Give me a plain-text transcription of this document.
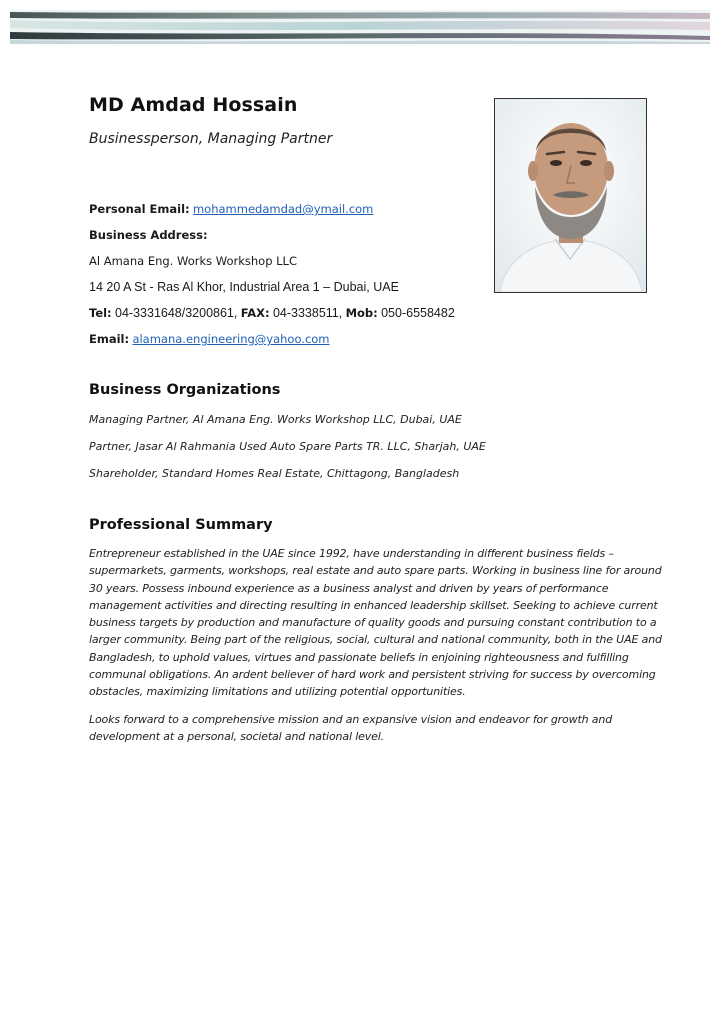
MD Amdad Hossain
Businessperson, Managing Partner
Personal Email: mohammedamdad@ymail.com
Business Address:
Al Amana Eng. Works Workshop LLC
14 20 A St - Ras Al Khor, Industrial Area 1 – Dubai, UAE
Tel: 04-3331648/3200861, FAX: 04-3338511, Mob: 050-6558482
Email: alamana.engineering@yahoo.com
Business Organizations
Managing Partner, Al Amana Eng. Works Workshop LLC, Dubai, UAE
Partner, Jasar Al Rahmania Used Auto Spare Parts TR. LLC, Sharjah, UAE
Shareholder, Standard Homes Real Estate, Chittagong, Bangladesh
Professional Summary

Entrepreneur established in the UAE since 1992, have understanding in different business fields – supermarkets, garments, workshops, real estate and auto spare parts. Working in business line for around 30 years. Possess inbound experience as a business analyst and driven by years of performance management activities and directing resulting in enhanced leadership skillset. Seeking to achieve current business targets by production and manufacture of quality goods and pursuing constant contribution to a larger community. Being part of the religious, social, cultural and national community, both in the UAE and Bangladesh, to uphold values, virtues and passionate beliefs in enjoining righteousness and fulfilling communal obligations. An ardent believer of hard work and persistent striving for success by overcoming obstacles, maximizing limitations and utilizing potential opportunities.

Looks forward to a comprehensive mission and an expansive vision and endeavor for growth and development at a personal, societal and national level.
